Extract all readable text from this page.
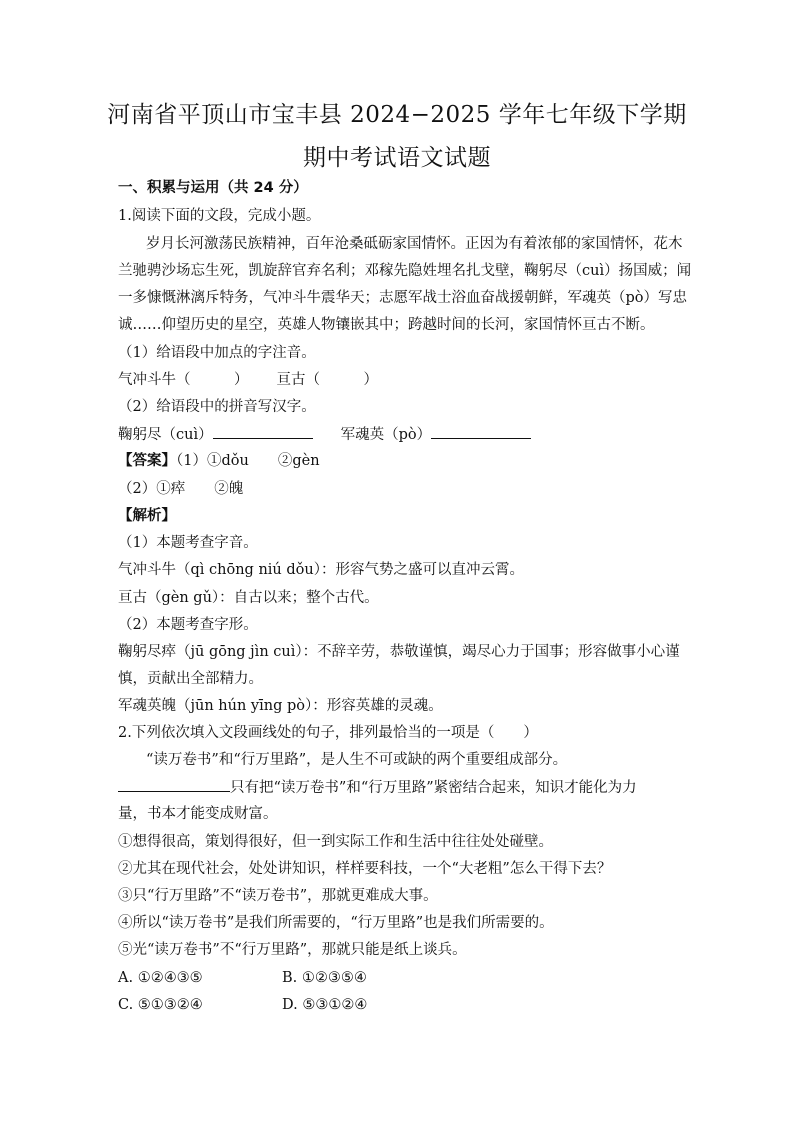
河南省平顶山市宝丰县 2024−2025 学年七年级下学期
期中考试语文试题
一、积累与运用（共 24 分）
1.阅读下面的文段，完成小题。
岁月长河激荡民族精神，百年沧桑砥砺家国情怀。正因为有着浓郁的家国情怀，花木
兰驰骋沙场忘生死，凯旋辞官弃名利；邓稼先隐姓埋名扎戈壁，鞠躬尽（cuì）扬国威；闻
一多慷慨淋漓斥特务，气冲斗牛震华天；志愿军战士浴血奋战援朝鲜，军魂英（pò）写忠
诚……仰望历史的星空，英雄人物镶嵌其中；跨越时间的长河，家国情怀亘古不断。
（1）给语段中加点的字注音。
气冲斗牛（　　　） 亘古（　　　）
（2）给语段中的拼音写汉字。
鞠躬尽（cuì）	军魂英（pò）
【答案】（1）①dǒu　　②gèn
（2）①瘁　　②魄
【解析】
（1）本题考查字音。
气冲斗牛（qì chōng niú dǒu）：形容气势之盛可以直冲云霄。
亘古（gèn gǔ）：自古以来；整个古代。
（2）本题考查字形。
鞠躬尽瘁（jū gōng jìn cuì）：不辞辛劳，恭敬谨慎，竭尽心力于国事；形容做事小心谨
慎，贡献出全部精力。
军魂英魄（jūn hún yīng pò）：形容英雄的灵魂。
2.下列依次填入文段画线处的句子，排列最恰当的一项是（　　）
“读万卷书”和“行万里路”，是人生不可或缺的两个重要组成部分。
只有把“读万卷书”和“行万里路”紧密结合起来，知识才能化为力
量，书本才能变成财富。
①想得很高，策划得很好，但一到实际工作和生活中往往处处碰壁。
②尤其在现代社会，处处讲知识，样样要科技，一个“大老粗”怎么干得下去？
③只“行万里路”不“读万卷书”，那就更难成大事。
④所以“读万卷书”是我们所需要的，“行万里路”也是我们所需要的。
⑤光“读万卷书”不“行万里路”，那就只能是纸上谈兵。
A. ①②④③⑤	B. ①②③⑤④
C. ⑤①③②④	D. ⑤③①②④
